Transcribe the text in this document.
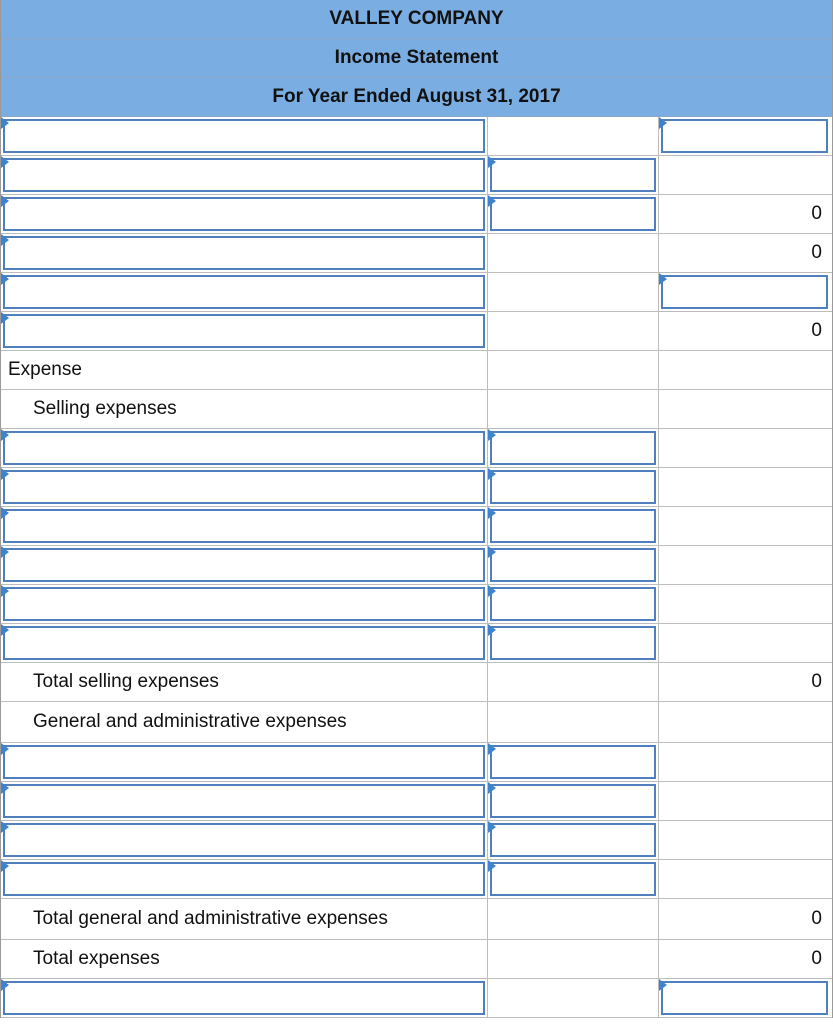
VALLEY COMPANY
Income Statement
For Year Ended August 31, 2017
0
0
0
Expense
Selling expenses
Total selling expenses	0
General and administrative expenses
Total general and administrative expenses	0
Total expenses	0
